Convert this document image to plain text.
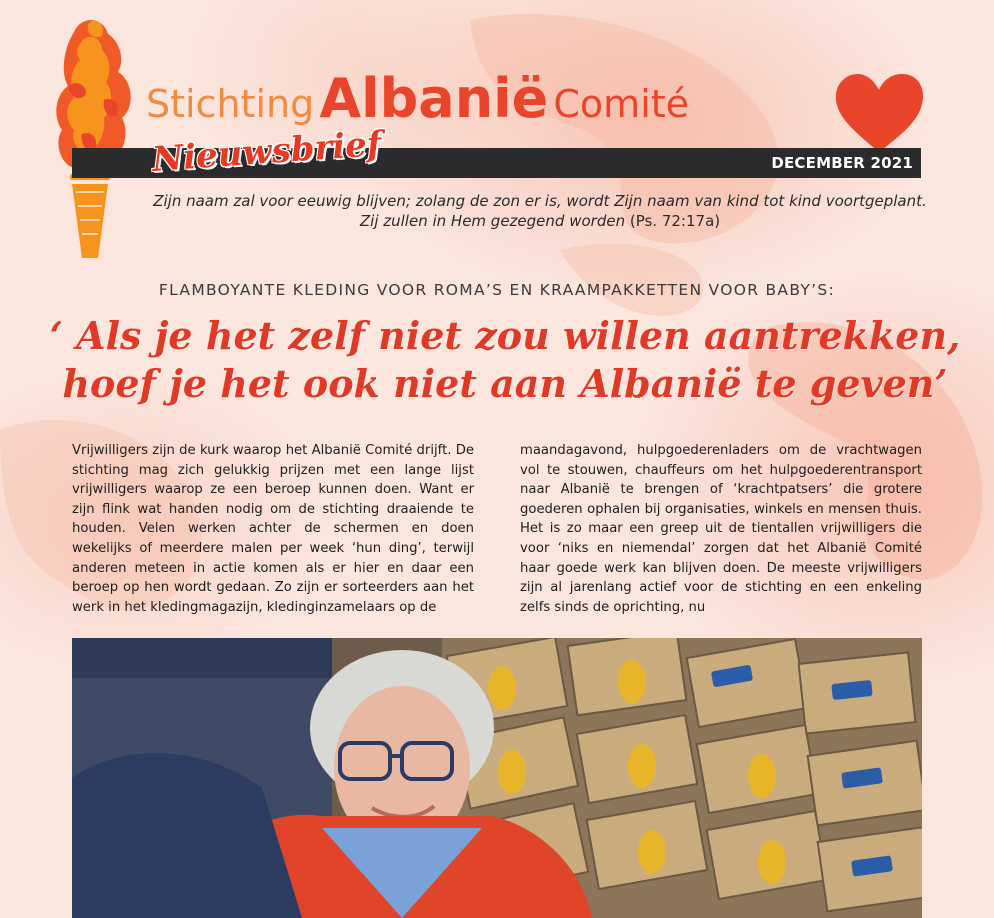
Stichting Albanië Comité
DECEMBER 2021
Nieuwsbrief
Zijn naam zal voor eeuwig blijven; zolang de zon er is, wordt Zijn naam van kind tot kind voortgeplant.
Zij zullen in Hem gezegend worden (Ps. 72:17a)
FLAMBOYANTE KLEDING VOOR ROMA’S EN KRAAMPAKKETTEN VOOR BABY’S:
‘ Als je het zelf niet zou willen aantrekken,
hoef je het ook niet aan Albanië te geven’
Vrijwilligers zijn de kurk waarop het Albanië Comité drijft. De stichting mag zich gelukkig prijzen met een lange lijst vrijwilligers waarop ze een beroep kunnen doen. Want er zijn flink wat handen nodig om de stichting draaiende te houden. Velen werken achter de schermen en doen wekelijks of meerdere malen per week ‘hun ding’, terwijl anderen meteen in actie komen als er hier en daar een beroep op hen wordt gedaan. Zo zijn er sorteerders aan het werk in het kledingmagazijn, kledinginzamelaars op de
maandagavond, hulpgoederenladers om de vrachtwagen vol te stouwen, chauffeurs om het hulpgoederentransport naar Albanië te brengen of ‘krachtpatsers’ die grotere goederen ophalen bij organisaties, winkels en mensen thuis. Het is zo maar een greep uit de tientallen vrijwilligers die voor ‘niks en niemendal’ zorgen dat het Albanië Comité haar goede werk kan blijven doen. De meeste vrijwilligers zijn al jarenlang actief voor de stichting en een enkeling zelfs sinds de oprichting, nu
